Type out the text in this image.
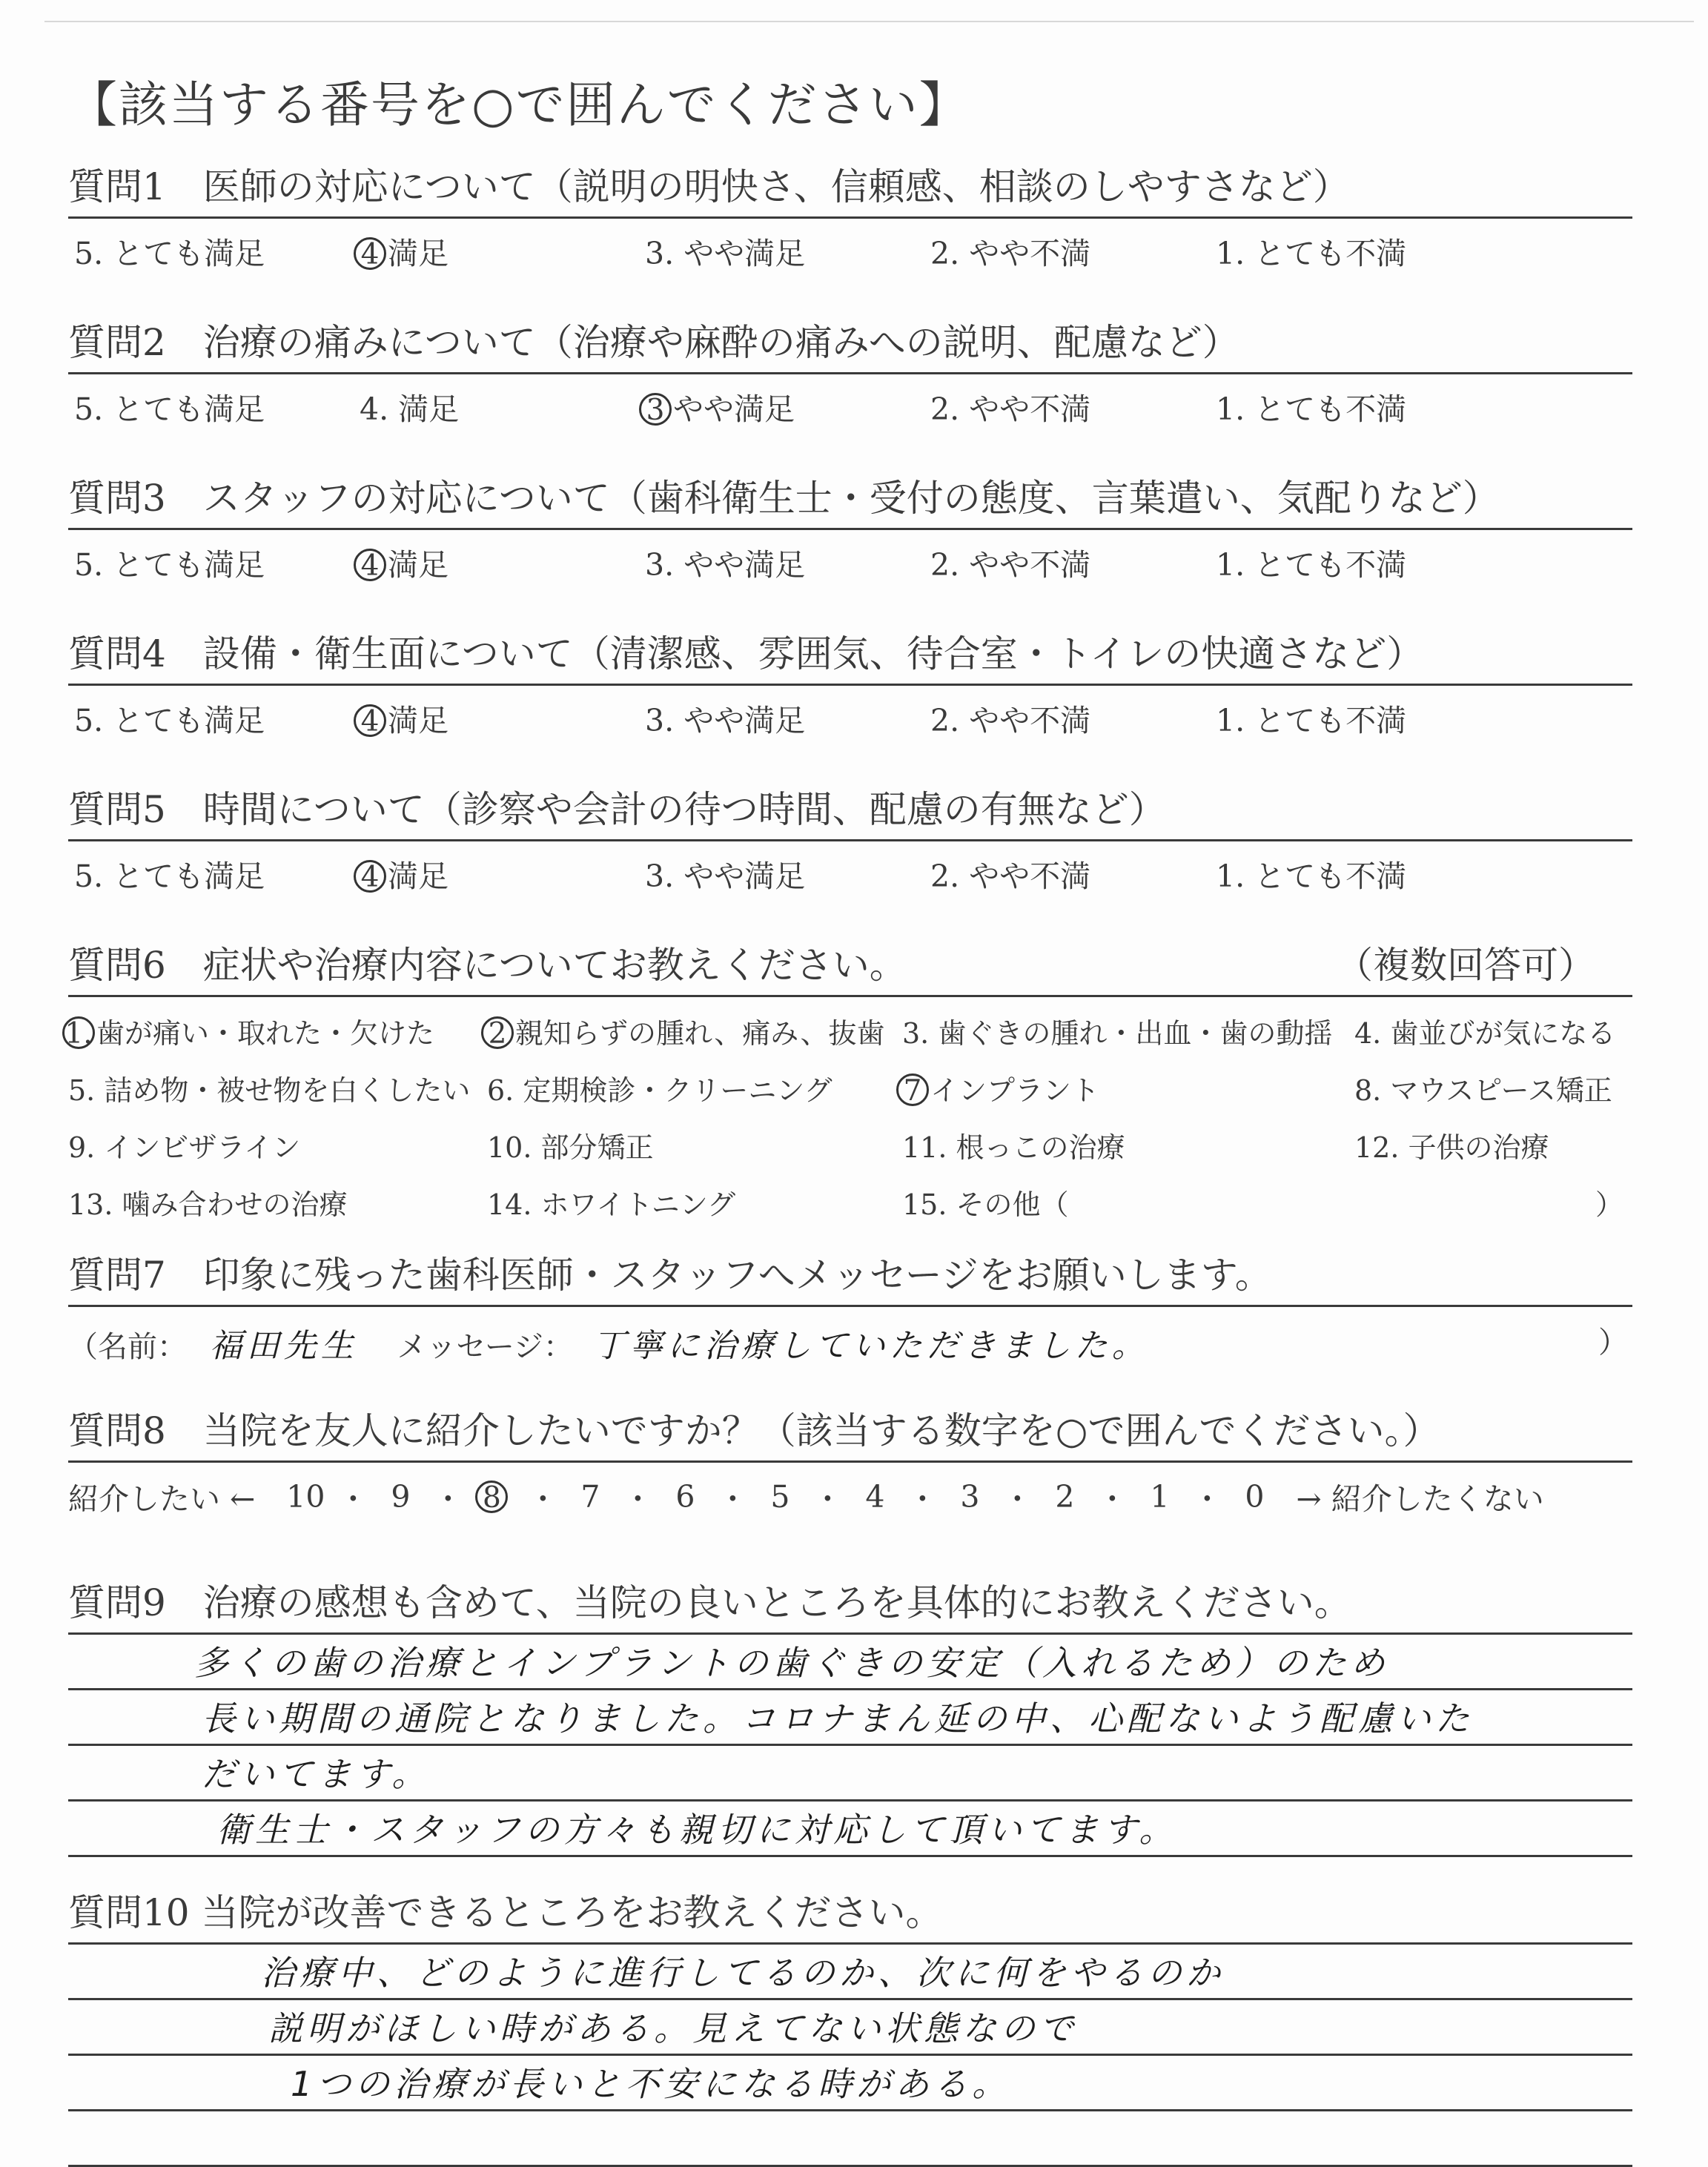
【該当する番号を○で囲んでください】
質問1　医師の対応について（説明の明快さ、信頼感、相談のしやすさなど）
5. とても満足	4 満足	3. やや満足	2. やや不満	1. とても不満
質問2　治療の痛みについて（治療や麻酔の痛みへの説明、配慮など）
5. とても満足	4. 満足	3 やや満足	2. やや不満	1. とても不満
質問3　スタッフの対応について（歯科衛生士・受付の態度、言葉遣い、気配りなど）
5. とても満足	4 満足	3. やや満足	2. やや不満	1. とても不満
質問4　設備・衛生面について（清潔感、雰囲気、待合室・トイレの快適さなど）
5. とても満足	4 満足	3. やや満足	2. やや不満	1. とても不満
質問5　時間について（診察や会計の待つ時間、配慮の有無など）
5. とても満足	4 満足	3. やや満足	2. やや不満	1. とても不満
質問6　症状や治療内容についてお教えください。	（複数回答可）
1. 歯が痛い・取れた・欠けた	2 親知らずの腫れ、痛み、抜歯 3. 歯ぐきの腫れ・出血・歯の動揺 4. 歯並びが気になる
5. 詰め物・被せ物を白くしたい 6. 定期検診・クリーニング	7 インプラント	8. マウスピース矯正
9. インビザライン	10. 部分矯正	11. 根っこの治療	12. 子供の治療
13. 噛み合わせの治療	14. ホワイトニング	15. その他（	）
質問7　印象に残った歯科医師・スタッフへメッセージをお願いします。
（名前： 福田先生 メッセージ： 丁寧に治療していただきました。	）
質問8　当院を友人に紹介したいですか？（該当する数字を○で囲んでください。）
紹介したい ← 10 ・ 9 ・ 8 ・ 7 ・ 6 ・ 5 ・ 4 ・ 3 ・ 2 ・ 1 ・ 0	→ 紹介したくない
質問9　治療の感想も含めて、当院の良いところを具体的にお教えください。
多くの歯の治療とインプラントの歯ぐきの安定（入れるため）のため
長い期間の通院となりました。コロナまん延の中、心配ないよう配慮いた
だいてます。
衛生士・スタッフの方々も親切に対応して頂いてます。
質問10 当院が改善できるところをお教えください。
治療中、どのように進行してるのか、次に何をやるのか
説明がほしい時がある。見えてない状態なので
1つの治療が長いと不安になる時がある。
